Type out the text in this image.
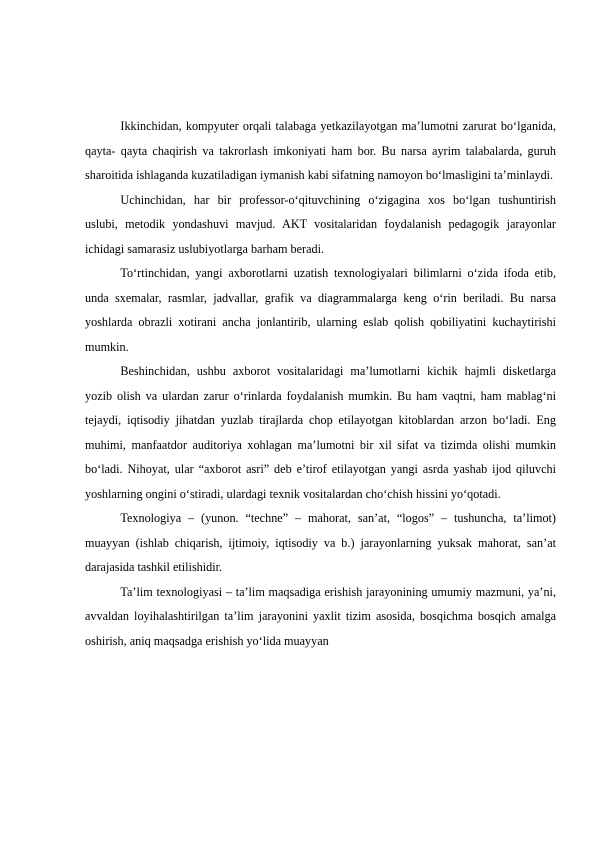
Ikkinchidan, kompyuter orqali talabaga yetkazilayotgan ma’lumotni zarurat bo‘lganida, qayta- qayta chaqirish va takrorlash imkoniyati ham bor. Bu narsa ayrim talabalarda, guruh sharoitida ishlaganda kuzatiladigan iymanish kabi sifatning namoyon bo‘lmasligini ta’minlaydi.

Uchinchidan, har bir professor-o‘qituvchining o‘zigagina xos bo‘lgan tushuntirish uslubi, metodik yondashuvi mavjud. AKT vositalaridan foydalanish pedagogik jarayonlar ichidagi samarasiz uslubiyotlarga barham beradi.

To‘rtinchidan, yangi axborotlarni uzatish texnologiyalari bilimlarni o‘zida ifoda etib, unda sxemalar, rasmlar, jadvallar, grafik va diagrammalarga keng o‘rin beriladi. Bu narsa yoshlarda obrazli xotirani ancha jonlantirib, ularning eslab qolish qobiliyatini kuchaytirishi mumkin.

Beshinchidan, ushbu axborot vositalaridagi ma’lumotlarni kichik hajmli disketlarga yozib olish va ulardan zarur o‘rinlarda foydalanish mumkin. Bu ham vaqtni, ham mablag‘ni tejaydi, iqtisodiy jihatdan yuzlab tirajlarda chop etilayotgan kitoblardan arzon bo‘ladi. Eng muhimi, manfaatdor auditoriya xohlagan ma’lumotni bir xil sifat va tizimda olishi mumkin bo‘ladi. Nihoyat, ular “axborot asri” deb e’tirof etilayotgan yangi asrda yashab ijod qiluvchi yoshlarning ongini o‘stiradi, ulardagi texnik vositalardan cho‘chish hissini yo‘qotadi.

Texnologiya – (yunon. “techne” – mahorat, san’at, “logos” – tushuncha, ta’limot) muayyan (ishlab chiqarish, ijtimoiy, iqtisodiy va b.) jarayonlarning yuksak mahorat, san’at darajasida tashkil etilishidir.

Ta’lim texnologiyasi – ta’lim maqsadiga erishish jarayonining umumiy mazmuni, ya’ni, avvaldan loyihalashtirilgan ta’lim jarayonini yaxlit tizim asosida, bosqichma bosqich amalga oshirish, aniq maqsadga erishish yo‘lida muayyan
